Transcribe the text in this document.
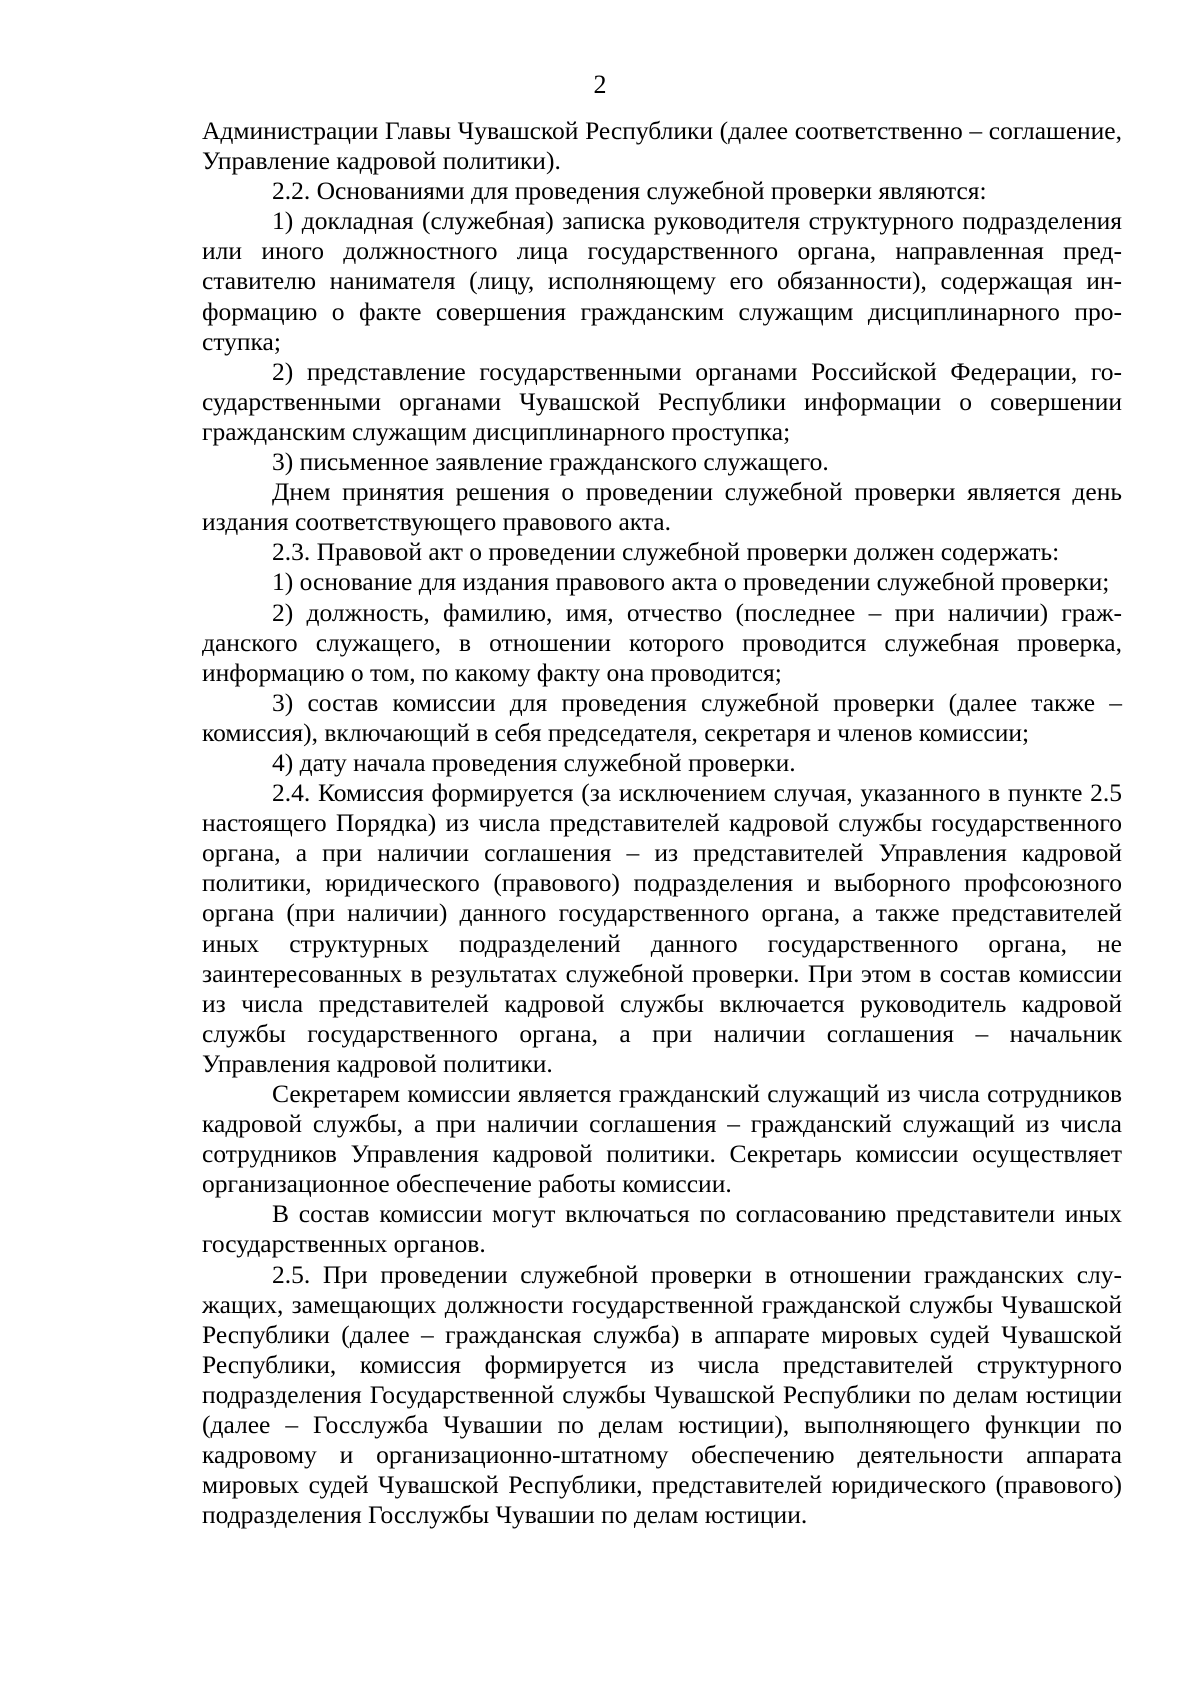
2

Администрации Главы Чувашской Республики (далее соответственно – соглашение, Управление кадровой политики).

2.2. Основаниями для проведения служебной проверки являются:

1) докладная (служебная) записка руководителя структурного подразделения или иного должностного лица государственного органа, направленная представителю нанимателя (лицу, исполняющему его обязанности), содержащая информацию о факте совершения гражданским служащим дисциплинарного проступка;

2) представление государственными органами Российской Федерации, государственными органами Чувашской Республики информации о совершении гражданским служащим дисциплинарного проступка;

3) письменное заявление гражданского служащего.

Днем принятия решения о проведении служебной проверки является день издания соответствующего правового акта.

2.3. Правовой акт о проведении служебной проверки должен содержать:

1) основание для издания правового акта о проведении служебной проверки;

2) должность, фамилию, имя, отчество (последнее – при наличии) гражданского служащего, в отношении которого проводится служебная проверка, информацию о том, по какому факту она проводится;

3) состав комиссии для проведения служебной проверки (далее также – комиссия), включающий в себя председателя, секретаря и членов комиссии;

4) дату начала проведения служебной проверки.

2.4. Комиссия формируется (за исключением случая, указанного в пункте 2.5 настоящего Порядка) из числа представителей кадровой службы государственного органа, а при наличии соглашения – из представителей Управления кадровой политики, юридического (правового) подразделения и выборного профсоюзного органа (при наличии) данного государственного органа, а также представителей иных структурных подразделений данного государственного органа, не заинтересованных в результатах служебной проверки. При этом в состав комиссии из числа представителей кадровой службы включается руководитель кадровой службы государственного органа, а при наличии соглашения – начальник Управления кадровой политики.

Секретарем комиссии является гражданский служащий из числа сотрудников кадровой службы, а при наличии соглашения – гражданский служащий из числа сотрудников Управления кадровой политики. Секретарь комиссии осуществляет организационное обеспечение работы комиссии.

В состав комиссии могут включаться по согласованию представители иных государственных органов.

2.5. При проведении служебной проверки в отношении гражданских служащих, замещающих должности государственной гражданской службы Чувашской Республики (далее – гражданская служба) в аппарате мировых судей Чувашской Республики, комиссия формируется из числа представителей структурного подразделения Государственной службы Чувашской Республики по делам юстиции (далее – Госслужба Чувашии по делам юстиции), выполняющего функции по кадровому и организационно-штатному обеспечению деятельности аппарата мировых судей Чувашской Республики, представителей юридического (правового) подразделения Госслужбы Чувашии по делам юстиции.
